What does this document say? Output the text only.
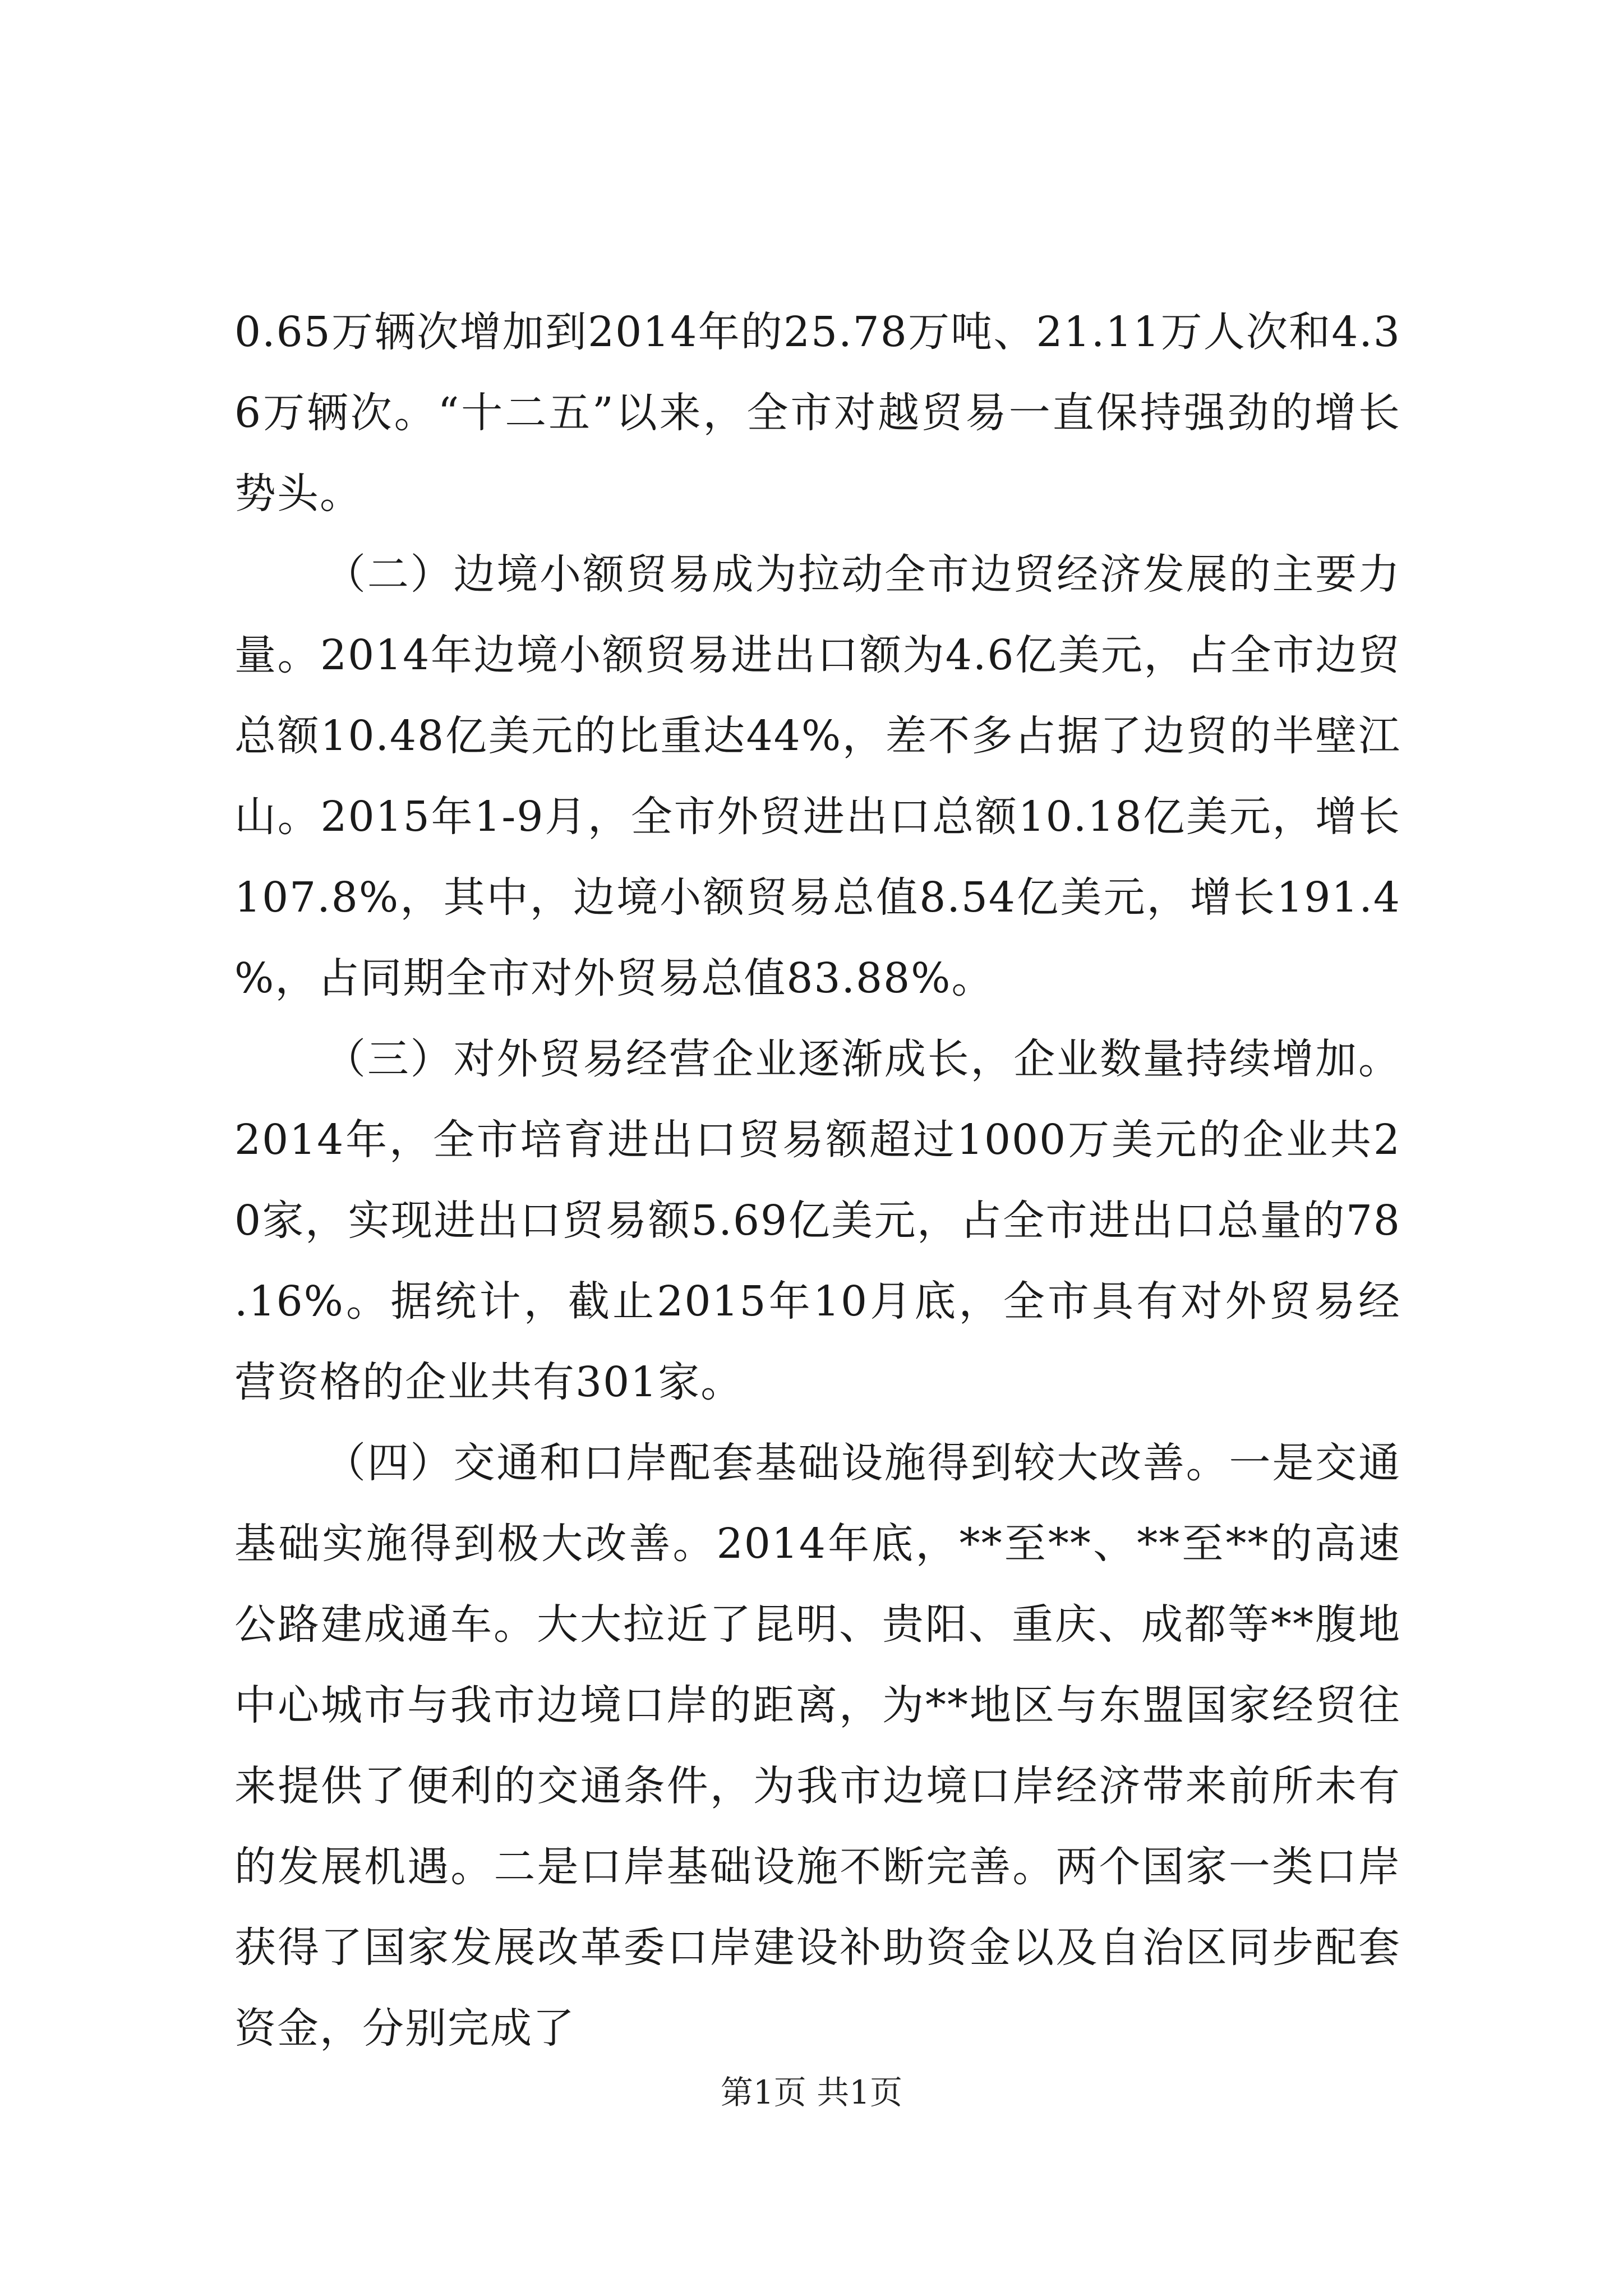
0.65万辆次增加到2014年的25.78万吨、21.11万人次和4.36万辆次。“十二五”以来，全市对越贸易一直保持强劲的增长势头。

（二）边境小额贸易成为拉动全市边贸经济发展的主要力量。2014年边境小额贸易进出口额为4.6亿美元，占全市边贸总额10.48亿美元的比重达44%，差不多占据了边贸的半壁江山。2015年1-9月，全市外贸进出口总额10.18亿美元，增长107.8%，其中，边境小额贸易总值8.54亿美元，增长191.4%，占同期全市对外贸易总值83.88%。

（三）对外贸易经营企业逐渐成长，企业数量持续增加。2014年，全市培育进出口贸易额超过1000万美元的企业共20家，实现进出口贸易额5.69亿美元，占全市进出口总量的78.16%。据统计，截止2015年10月底，全市具有对外贸易经营资格的企业共有301家。

（四）交通和口岸配套基础设施得到较大改善。一是交通基础实施得到极大改善。2014年底，**至**、**至**的高速公路建成通车。大大拉近了昆明、贵阳、重庆、成都等**腹地中心城市与我市边境口岸的距离，为**地区与东盟国家经贸往来提供了便利的交通条件，为我市边境口岸经济带来前所未有的发展机遇。二是口岸基础设施不断完善。两个国家一类口岸获得了国家发展改革委口岸建设补助资金以及自治区同步配套资金，分别完成了

第1页 共1页
